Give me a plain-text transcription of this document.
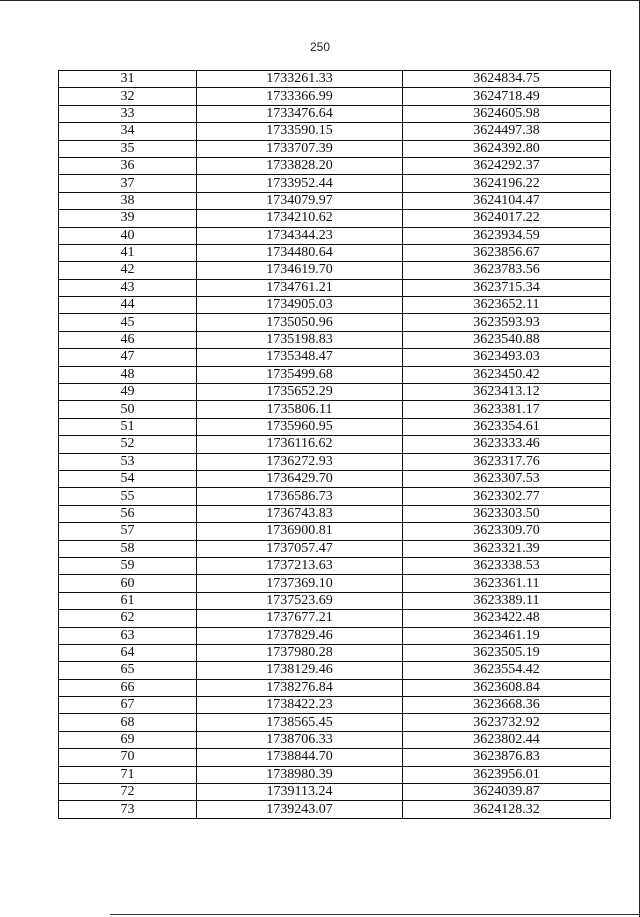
250
31	1733261.33	3624834.75
32	1733366.99	3624718.49
33	1733476.64	3624605.98
34	1733590.15	3624497.38
35	1733707.39	3624392.80
36	1733828.20	3624292.37
37	1733952.44	3624196.22
38	1734079.97	3624104.47
39	1734210.62	3624017.22
40	1734344.23	3623934.59
41	1734480.64	3623856.67
42	1734619.70	3623783.56
43	1734761.21	3623715.34
44	1734905.03	3623652.11
45	1735050.96	3623593.93
46	1735198.83	3623540.88
47	1735348.47	3623493.03
48	1735499.68	3623450.42
49	1735652.29	3623413.12
50	1735806.11	3623381.17
51	1735960.95	3623354.61
52	1736116.62	3623333.46
53	1736272.93	3623317.76
54	1736429.70	3623307.53
55	1736586.73	3623302.77
56	1736743.83	3623303.50
57	1736900.81	3623309.70
58	1737057.47	3623321.39
59	1737213.63	3623338.53
60	1737369.10	3623361.11
61	1737523.69	3623389.11
62	1737677.21	3623422.48
63	1737829.46	3623461.19
64	1737980.28	3623505.19
65	1738129.46	3623554.42
66	1738276.84	3623608.84
67	1738422.23	3623668.36
68	1738565.45	3623732.92
69	1738706.33	3623802.44
70	1738844.70	3623876.83
71	1738980.39	3623956.01
72	1739113.24	3624039.87
73	1739243.07	3624128.32
